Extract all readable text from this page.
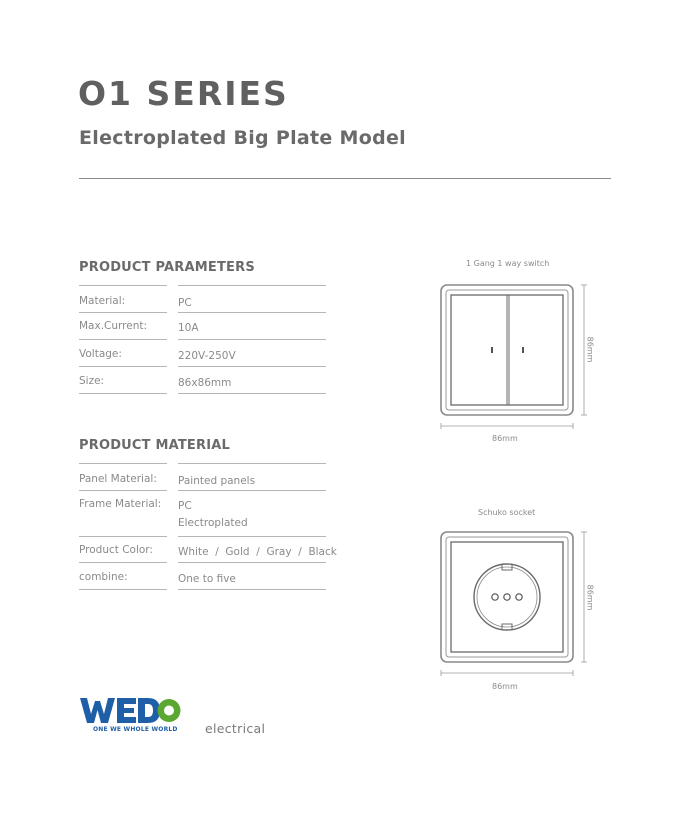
O1 SERIES
Electroplated Big Plate Model
PRODUCT PARAMETERS
Material:	PC
Max.Current:	10A
Voltage:	220V-250V
Size:	86x86mm
PRODUCT MATERIAL
Panel Material:	Painted panels
Frame Material:	PC
Electroplated
Product Color:	White  /  Gold  /  Gray  /  Black
combine:	One to five
1 Gang 1 way switch
86mm
86mm
Schuko socket
86mm
86mm
ONE WE WHOLE WORLD electrical
